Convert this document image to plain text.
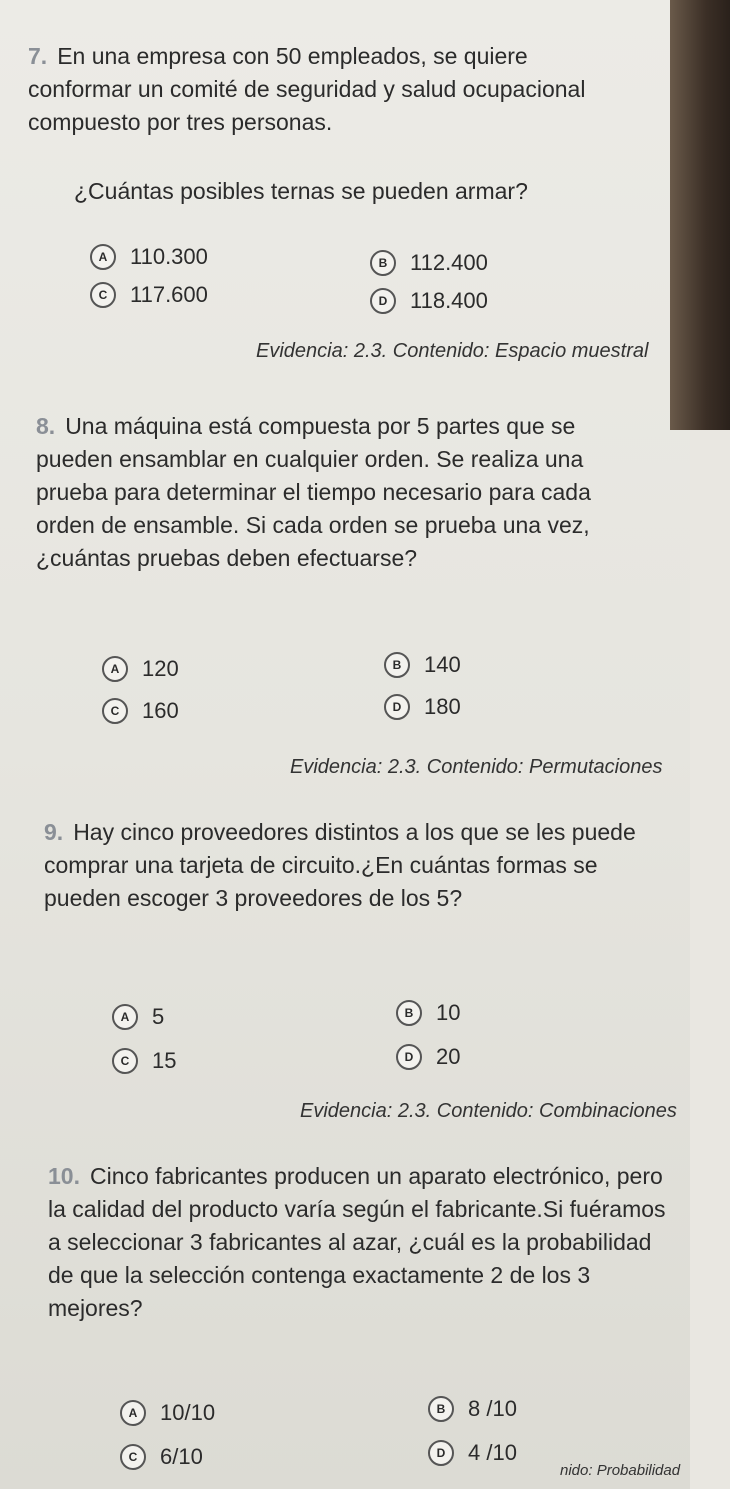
7. En una empresa con 50 empleados, se quiere conformar un comité de seguridad y salud ocupacional compuesto por tres personas.

¿Cuántas posibles ternas se pueden armar?

A	110.300	B	112.400
C	117.600	D	118.400
Evidencia: 2.3. Contenido: Espacio muestral

8. Una máquina está compuesta por 5 partes que se pueden ensamblar en cualquier orden. Se realiza una prueba para determinar el tiempo necesario para cada orden de ensamble. Si cada orden se prueba una vez, ¿cuántas pruebas deben efectuarse?

A	120	B	140
C	160	D	180
Evidencia: 2.3. Contenido: Permutaciones

9. Hay cinco proveedores distintos a los que se les puede comprar una tarjeta de circuito.¿En cuántas formas se pueden escoger 3 proveedores de los 5?

A	5	B	10
C	15	D	20
Evidencia: 2.3. Contenido: Combinaciones

10. Cinco fabricantes producen un aparato electrónico, pero la calidad del producto varía según el fabricante.Si fuéramos a seleccionar 3 fabricantes al azar, ¿cuál es la probabilidad de que la selección contenga exactamente 2 de los 3 mejores?

A	10/10	B	8 /10
C	6/10	D	4 /10
nido: Probabilidad
